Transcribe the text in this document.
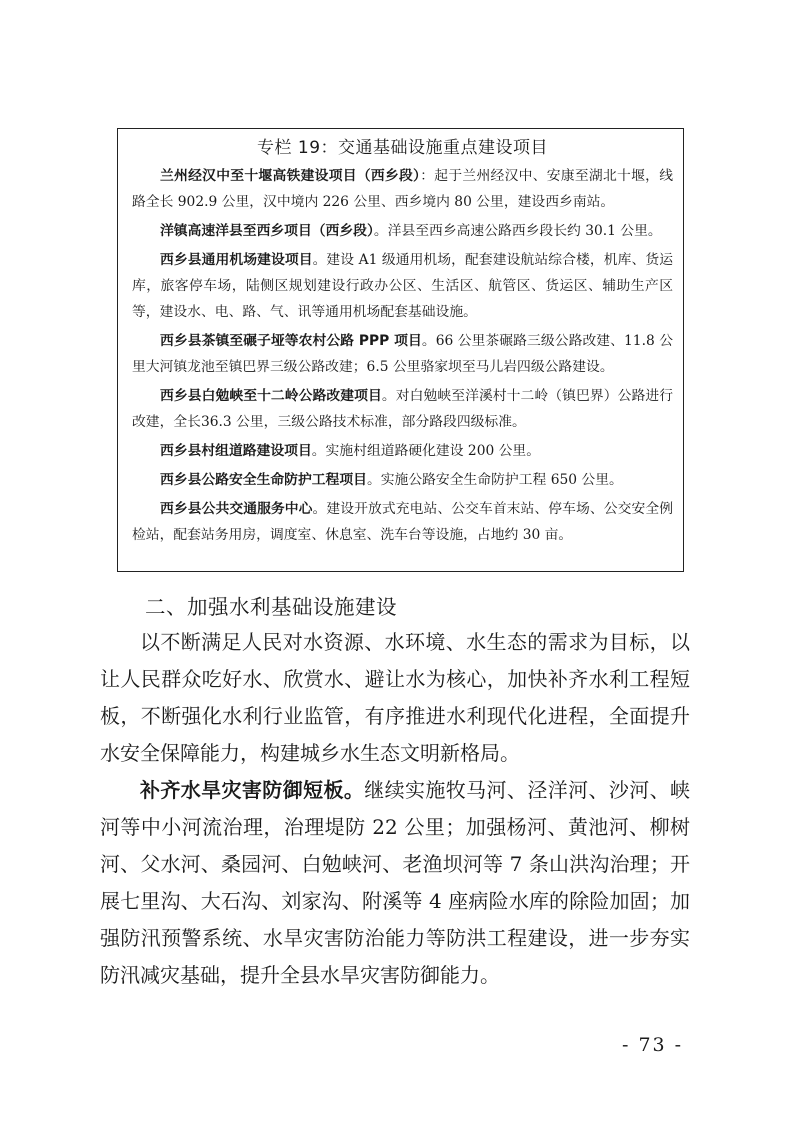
专栏 19：交通基础设施重点建设项目

兰州经汉中至十堰高铁建设项目（西乡段）：起于兰州经汉中、安康至湖北十堰，线路全长 902.9 公里，汉中境内 226 公里、西乡境内 80 公里，建设西乡南站。

洋镇高速洋县至西乡项目（西乡段）。洋县至西乡高速公路西乡段长约 30.1 公里。

西乡县通用机场建设项目。建设 A1 级通用机场，配套建设航站综合楼，机库、货运库，旅客停车场，陆侧区规划建设行政办公区、生活区、航管区、货运区、辅助生产区等，建设水、电、路、气、讯等通用机场配套基础设施。

西乡县茶镇至碾子垭等农村公路 PPP 项目。66 公里茶碾路三级公路改建、11.8 公里大河镇龙池至镇巴界三级公路改建；6.5 公里骆家坝至马儿岩四级公路建设。

西乡县白勉峡至十二岭公路改建项目。对白勉峡至洋溪村十二岭（镇巴界）公路进行改建，全长36.3 公里，三级公路技术标准，部分路段四级标准。

西乡县村组道路建设项目。实施村组道路硬化建设 200 公里。

西乡县公路安全生命防护工程项目。实施公路安全生命防护工程 650 公里。

西乡县公共交通服务中心。建设开放式充电站、公交车首末站、停车场、公交安全例检站，配套站务用房，调度室、休息室、洗车台等设施，占地约 30 亩。

二、加强水利基础设施建设

以不断满足人民对水资源、水环境、水生态的需求为目标，以让人民群众吃好水、欣赏水、避让水为核心，加快补齐水利工程短板，不断强化水利行业监管，有序推进水利现代化进程，全面提升水安全保障能力，构建城乡水生态文明新格局。

补齐水旱灾害防御短板。继续实施牧马河、泾洋河、沙河、峡河等中小河流治理，治理堤防 22 公里；加强杨河、黄池河、柳树河、父水河、桑园河、白勉峡河、老渔坝河等 7 条山洪沟治理；开展七里沟、大石沟、刘家沟、附溪等 4 座病险水库的除险加固；加强防汛预警系统、水旱灾害防治能力等防洪工程建设，进一步夯实防汛减灾基础，提升全县水旱灾害防御能力。

- 73 -
